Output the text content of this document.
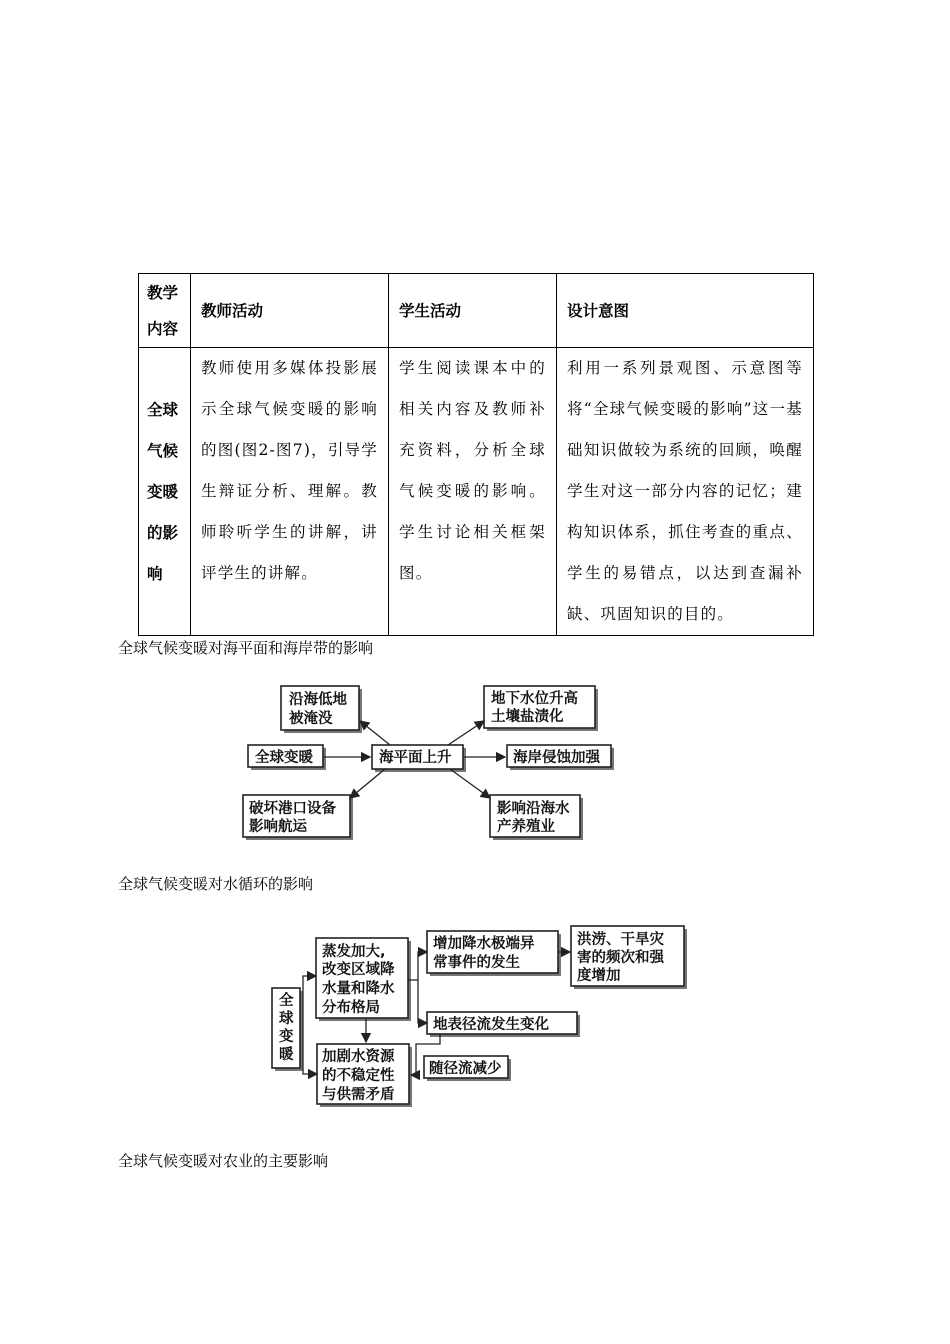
教学内容	教师活动	学生活动	设计意图

全球气候变暖的影响	教师使用多媒体投影展示全球气候变暖的影响的图(图2-图7)，引导学生辩证分析、理解。教师聆听学生的讲解，讲评学生的讲解。	学生阅读课本中的相关内容及教师补充资料，分析全球气候变暖的影响。学生讨论相关框架图。	利用一系列景观图、示意图等将“全球气候变暖的影响”这一基础知识做较为系统的回顾，唤醒学生对这一部分内容的记忆；建构知识体系，抓住考查的重点、学生的易错点，以达到查漏补缺、巩固知识的目的。
全球气候变暖对海平面和海岸带的影响
全球气候变暖对水循环的影响
全球气候变暖对农业的主要影响
沿海低地
被淹没
地下水位升高
土壤盐渍化
全球变暖	海平面上升	海岸侵蚀加强
破坏港口设备
影响航运
影响沿海水
产养殖业
全
球
变
暖
蒸发加大,
改变区域降
水量和降水
分布格局
加剧水资源
的不稳定性
与供需矛盾
增加降水极端异
常事件的发生
洪涝、干旱灾
害的频次和强
度增加
地表径流发生变化
随径流减少
